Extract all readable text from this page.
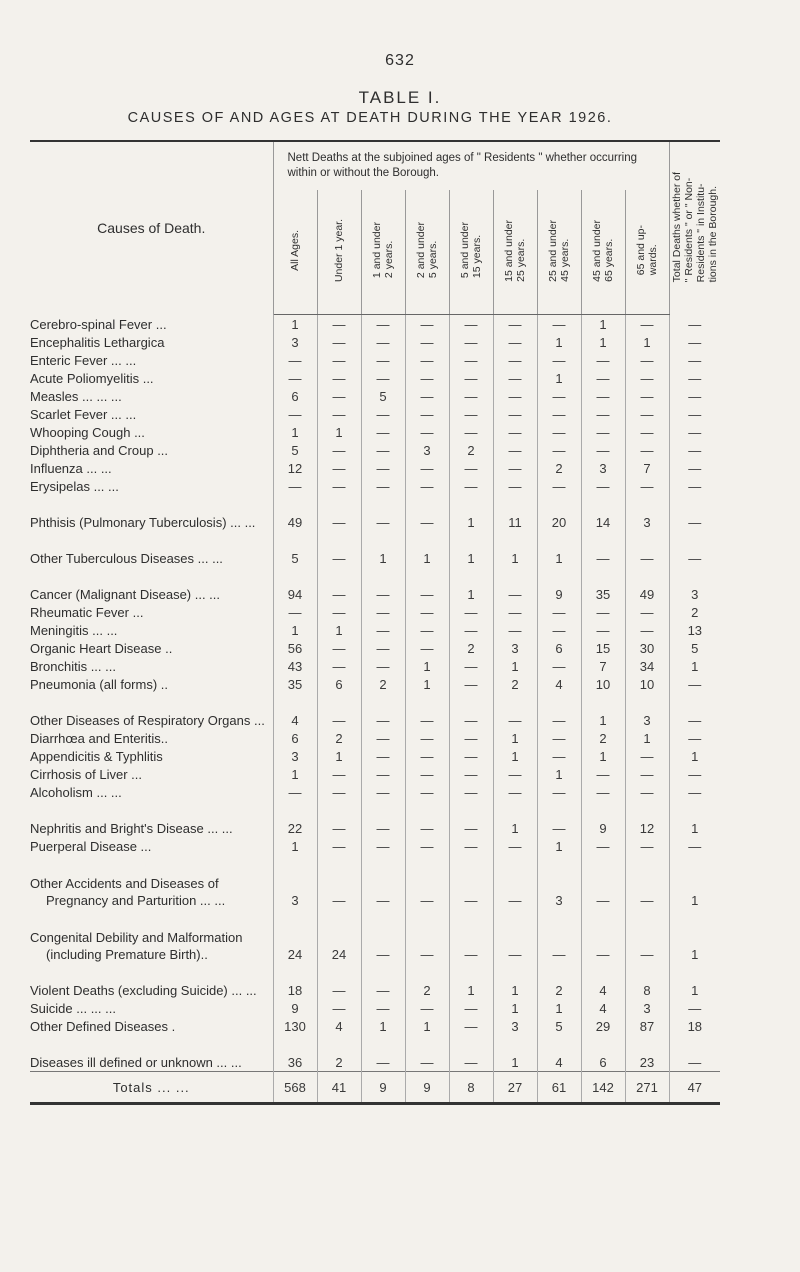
632
TABLE I.
CAUSES OF AND AGES AT DEATH DURING THE YEAR 1926.
Causes of Death.	Nett Deaths at the subjoined ages of " Residents " whether occurring within or without the Borough.									Total Deaths whether of
" Residents " or " Non-
Residents " in Institu-
tions in the Borough.
	All Ages.	Under 1 year.	1 and under
2 years.	2 and under
5 years.	5 and under
15 years.	15 and under
25 years.	25 and under
45 years.	45 and under
65 years.	65 and up-
wards.	
Cerebro-spinal Fever ...	1	—	—	—	—	—	—	1	—	—
Encephalitis Lethargica	3	—	—	—	—	—	1	1	1	—
Enteric Fever ... ...	—	—	—	—	—	—	—	—	—	—
Acute Poliomyelitis ...	—	—	—	—	—	—	1	—	—	—
Measles ... ... ...	6	—	5	—	—	—	—	—	—	—
Scarlet Fever ... ...	—	—	—	—	—	—	—	—	—	—
Whooping Cough ...	1	1	—	—	—	—	—	—	—	—
Diphtheria and Croup ...	5	—	—	3	2	—	—	—	—	—
Influenza ... ...	12	—	—	—	—	—	2	3	7	—
Erysipelas ... ...	—	—	—	—	—	—	—	—	—	—
Phthisis (Pulmonary Tuberculosis) ... ...	49	—	—	—	1	11	20	14	3	—
Other Tuberculous Diseases ... ...	5	—	1	1	1	1	1	—	—	—
Cancer (Malignant Disease) ... ...	94	—	—	—	1	—	9	35	49	3
Rheumatic Fever ...	—	—	—	—	—	—	—	—	—	2
Meningitis ... ...	1	1	—	—	—	—	—	—	—	13
Organic Heart Disease ..	56	—	—	—	2	3	6	15	30	5
Bronchitis ... ...	43	—	—	1	—	1	—	7	34	1
Pneumonia (all forms) ..	35	6	2	1	—	2	4	10	10	—
Other Diseases of Respiratory Organs ...	4	—	—	—	—	—	—	1	3	—
Diarrhœa and Enteritis..	6	2	—	—	—	1	—	2	1	—
Appendicitis & Typhlitis	3	1	—	—	—	1	—	1	—	1
Cirrhosis of Liver ...	1	—	—	—	—	—	1	—	—	—
Alcoholism ... ...	—	—	—	—	—	—	—	—	—	—
Nephritis and Bright's Disease ... ...	22	—	—	—	—	1	—	9	12	1
Puerperal Disease ...	1	—	—	—	—	—	1	—	—	—
Other Accidents and Diseases of Pregnancy and Parturition ... ...	3	—	—	—	—	—	3	—	—	1
Congenital Debility and Malformation (including Premature Birth)..	24	24	—	—	—	—	—	—	—	1
Violent Deaths (excluding Suicide) ... ...	18	—	—	2	1	1	2	4	8	1
Suicide ... ... ...	9	—	—	—	—	1	1	4	3	—
Other Defined Diseases .	130	4	1	1	—	3	5	29	87	18
Diseases ill defined or unknown ... ...	36	2	—	—	—	1	4	6	23	—
Totals ... ...	568	41	9	9	8	27	61	142	271	47
